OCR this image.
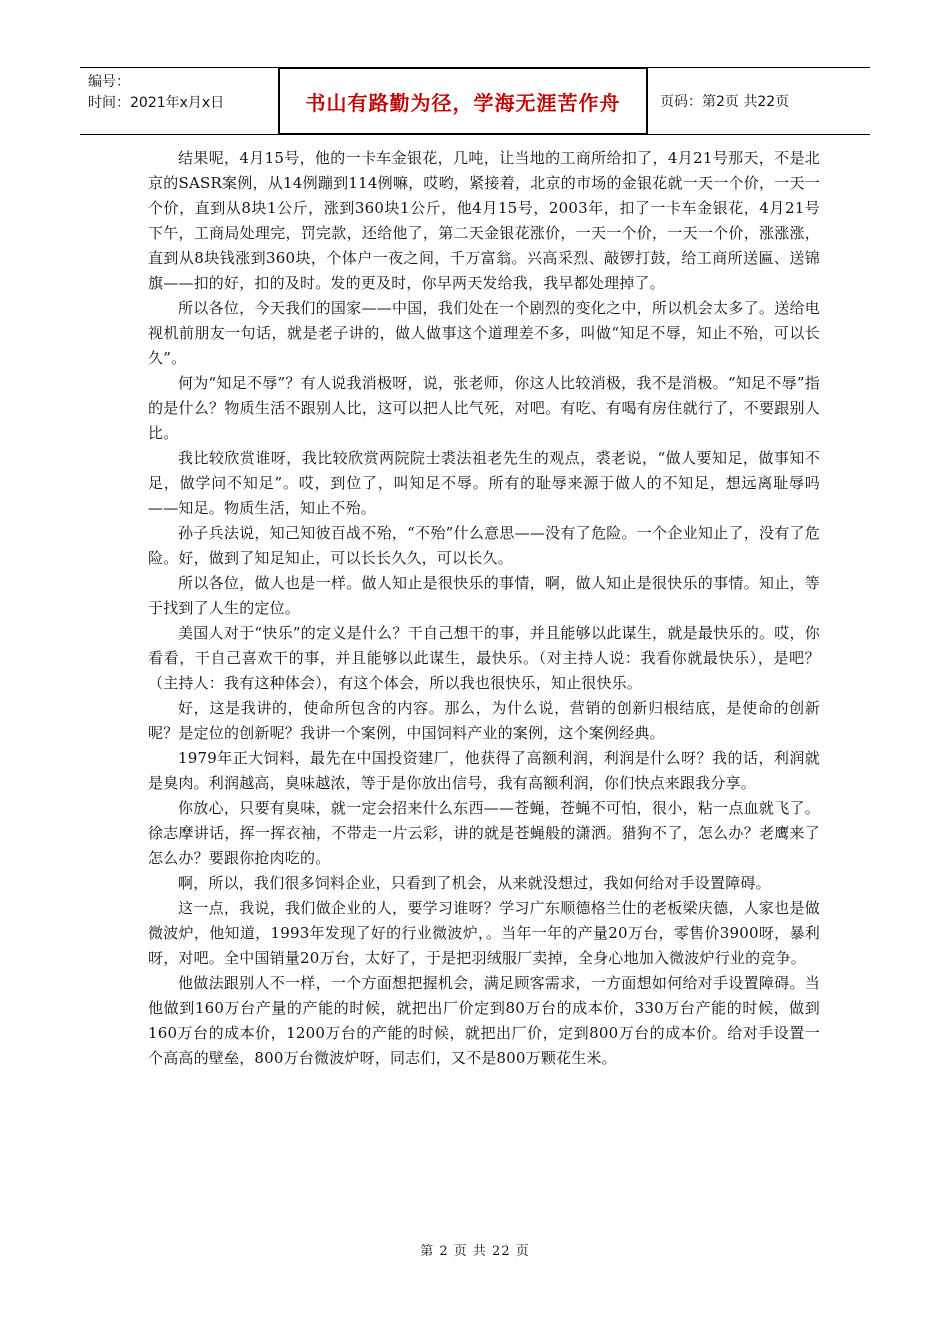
编号：
时间：2021年x月x日	书山有路勤为径，学海无涯苦作舟	页码：第2页 共22页

结果呢，4月15号，他的一卡车金银花，几吨，让当地的工商所给扣了，4月21号那天，不是北京的SASR案例，从14例蹦到114例嘛，哎哟，紧接着，北京的市场的金银花就一天一个价，一天一个价，直到从8块1公斤，涨到360块1公斤，他4月15号，2003年，扣了一卡车金银花，4月21号下午，工商局处理完，罚完款，还给他了，第二天金银花涨价，一天一个价，一天一个价，涨涨涨，直到从8块钱涨到360块，个体户一夜之间，千万富翁。兴高采烈、敲锣打鼓，给工商所送匾、送锦旗——扣的好，扣的及时。发的更及时，你早两天发给我，我早都处理掉了。

所以各位，今天我们的国家——中国，我们处在一个剧烈的变化之中，所以机会太多了。送给电视机前朋友一句话，就是老子讲的，做人做事这个道理差不多，叫做“知足不辱，知止不殆，可以长久”。

何为“知足不辱”？有人说我消极呀，说，张老师，你这人比较消极，我不是消极。“知足不辱”指的是什么？物质生活不跟别人比，这可以把人比气死，对吧。有吃、有喝有房住就行了，不要跟别人比。

我比较欣赏谁呀，我比较欣赏两院院士裘法祖老先生的观点，裘老说，“做人要知足，做事知不足，做学问不知足”。哎，到位了，叫知足不辱。所有的耻辱来源于做人的不知足，想远离耻辱吗——知足。物质生活，知止不殆。

孙子兵法说，知己知彼百战不殆，“不殆”什么意思——没有了危险。一个企业知止了，没有了危险。好，做到了知足知止，可以长长久久，可以长久。

所以各位，做人也是一样。做人知止是很快乐的事情，啊，做人知止是很快乐的事情。知止，等于找到了人生的定位。

美国人对于“快乐”的定义是什么？干自己想干的事，并且能够以此谋生，就是最快乐的。哎，你看看，干自己喜欢干的事，并且能够以此谋生，最快乐。（对主持人说：我看你就最快乐），是吧？（主持人：我有这种体会），有这个体会，所以我也很快乐，知止很快乐。

好，这是我讲的，使命所包含的内容。那么，为什么说，营销的创新归根结底，是使命的创新呢？是定位的创新呢？我讲一个案例，中国饲料产业的案例，这个案例经典。

1979年正大饲料，最先在中国投资建厂，他获得了高额利润，利润是什么呀？我的话，利润就是臭肉。利润越高，臭味越浓，等于是你放出信号，我有高额利润，你们快点来跟我分享。

你放心，只要有臭味，就一定会招来什么东西——苍蝇，苍蝇不可怕，很小，粘一点血就飞了。徐志摩讲话，挥一挥衣袖，不带走一片云彩，讲的就是苍蝇般的潇洒。猎狗不了，怎么办？老鹰来了怎么办？要跟你抢肉吃的。

啊，所以，我们很多饲料企业，只看到了机会，从来就没想过，我如何给对手设置障碍。

这一点，我说，我们做企业的人，要学习谁呀？学习广东顺德格兰仕的老板梁庆德，人家也是做微波炉，他知道，1993年发现了好的行业微波炉，。当年一年的产量20万台，零售价3900呀，暴利呀，对吧。全中国销量20万台，太好了，于是把羽绒服厂卖掉，全身心地加入微波炉行业的竞争。

他做法跟别人不一样，一个方面想把握机会，满足顾客需求，一方面想如何给对手设置障碍。当他做到160万台产量的产能的时候，就把出厂价定到80万台的成本价，330万台产能的时候，做到160万台的成本价，1200万台的产能的时候，就把出厂价，定到800万台的成本价。给对手设置一个高高的壁垒，800万台微波炉呀，同志们，又不是800万颗花生米。

第 2 页 共 22 页
